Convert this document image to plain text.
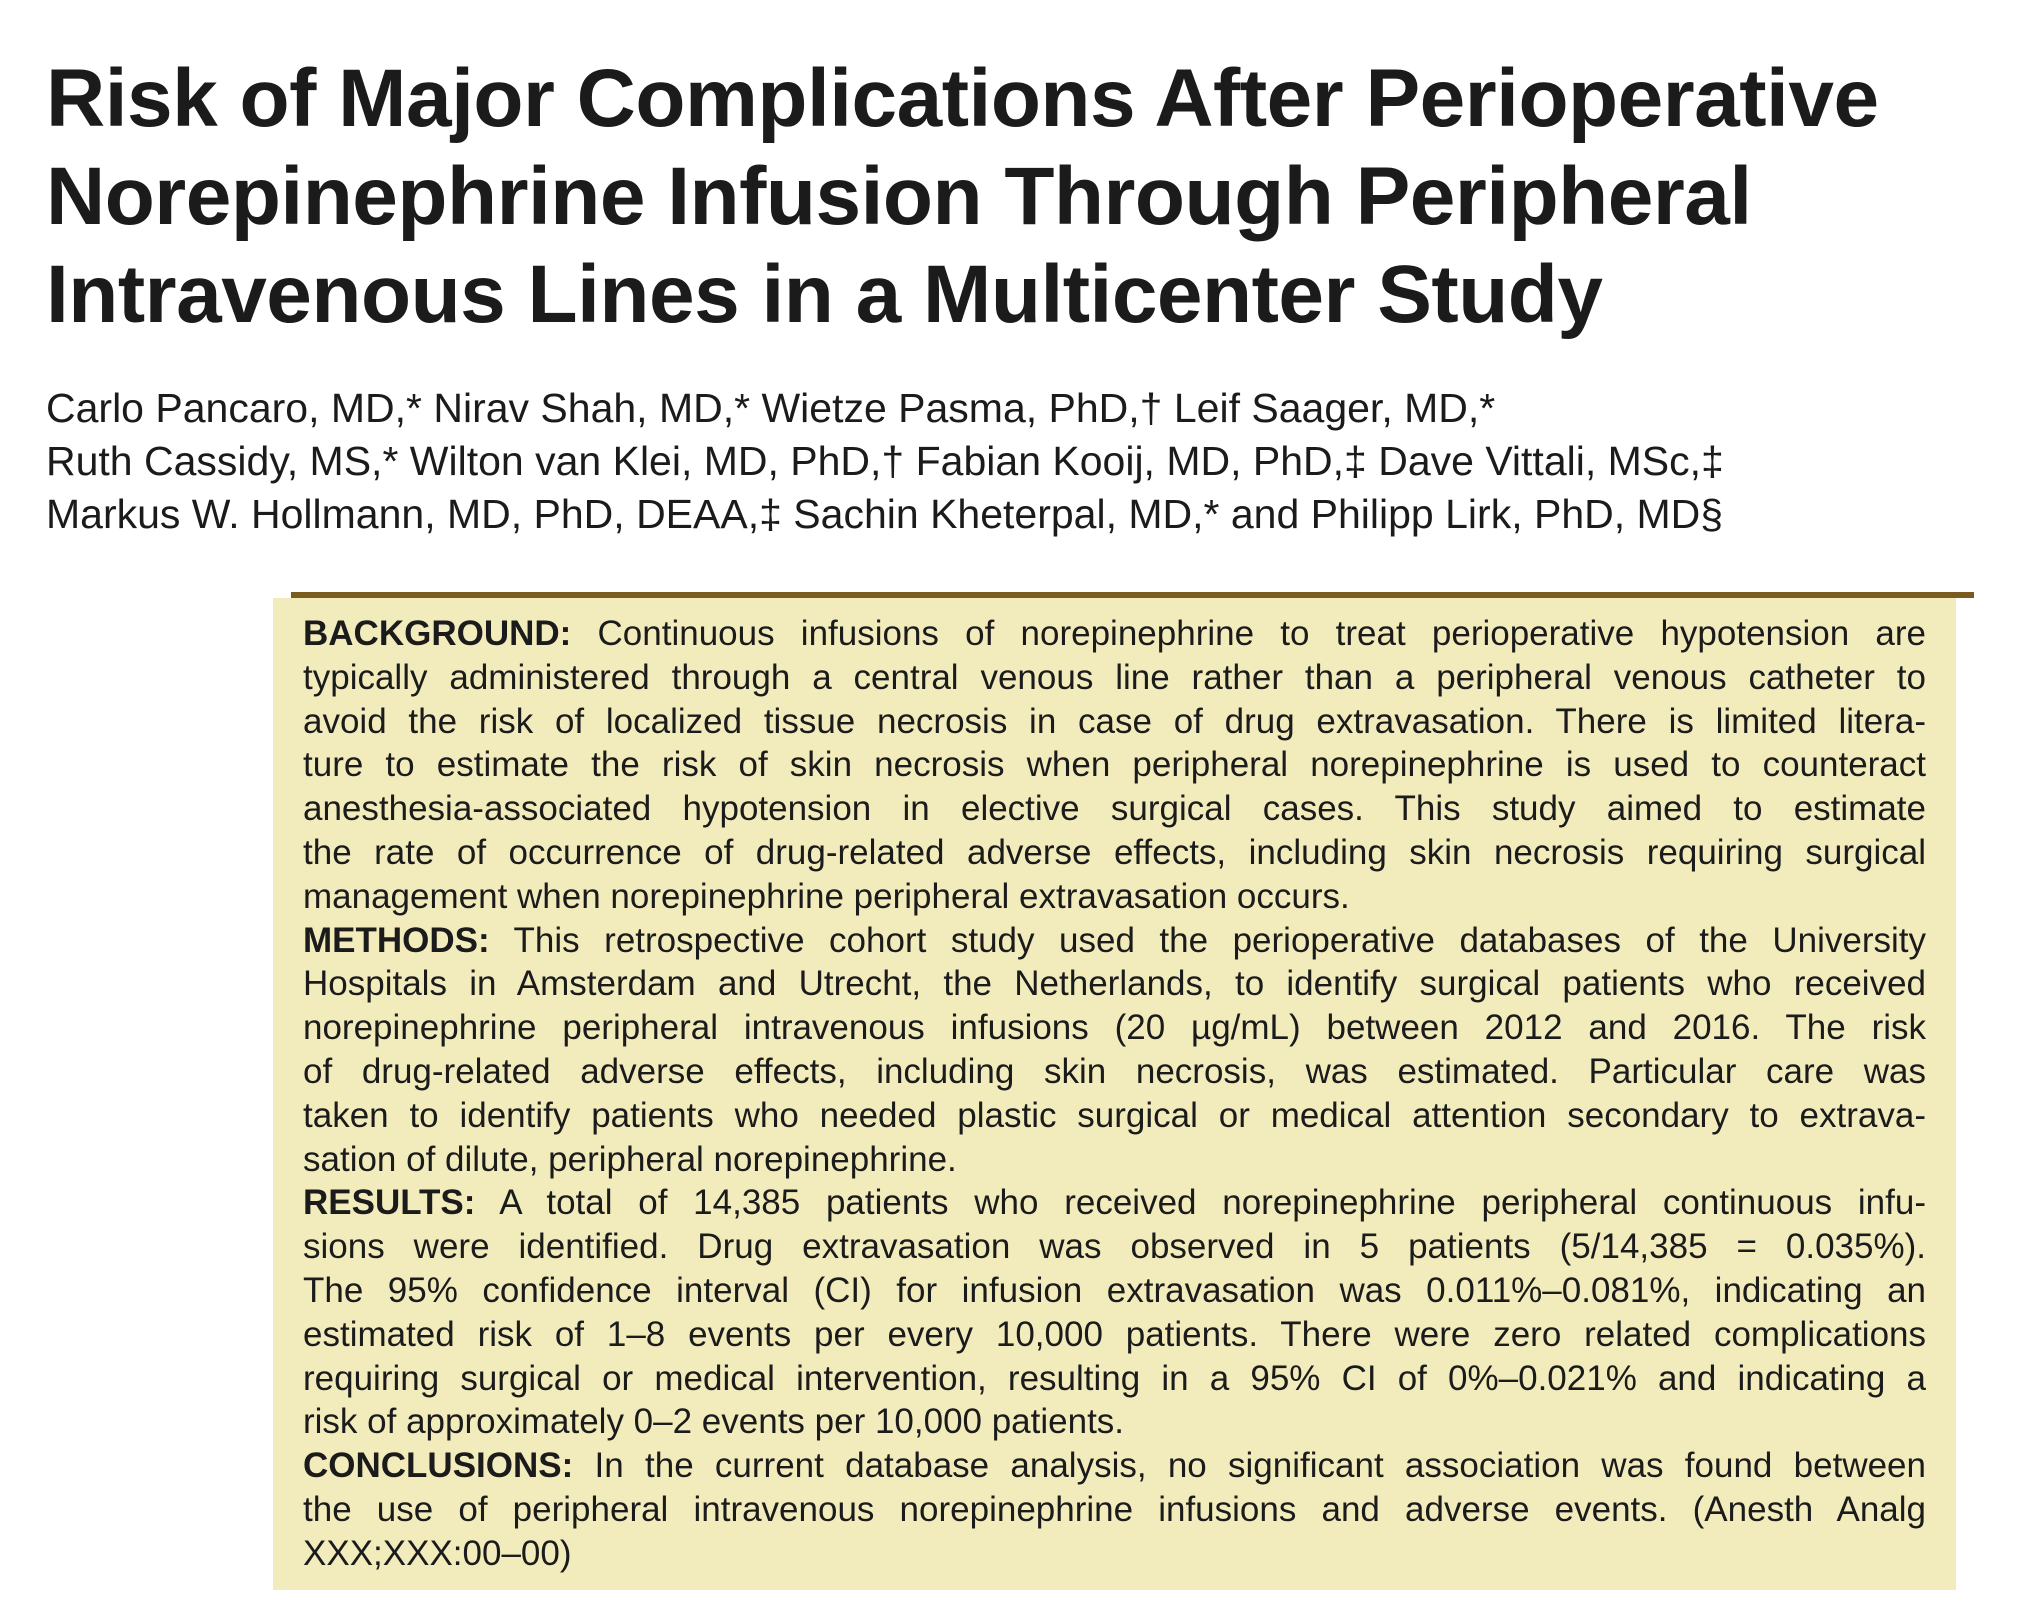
Risk of Major Complications After Perioperative
Norepinephrine Infusion Through Peripheral
Intravenous Lines in a Multicenter Study
Carlo Pancaro, MD,* Nirav Shah, MD,* Wietze Pasma, PhD,† Leif Saager, MD,*
Ruth Cassidy, MS,* Wilton van Klei, MD, PhD,† Fabian Kooij, MD, PhD,‡ Dave Vittali, MSc,‡
Markus W. Hollmann, MD, PhD, DEAA,‡ Sachin Kheterpal, MD,* and Philipp Lirk, PhD, MD§
BACKGROUND: Continuous infusions of norepinephrine to treat perioperative hypotension are
typically administered through a central venous line rather than a peripheral venous catheter to
avoid the risk of localized tissue necrosis in case of drug extravasation. There is limited litera-
ture to estimate the risk of skin necrosis when peripheral norepinephrine is used to counteract
anesthesia-associated hypotension in elective surgical cases. This study aimed to estimate
the rate of occurrence of drug-related adverse effects, including skin necrosis requiring surgical
management when norepinephrine peripheral extravasation occurs.
METHODS: This retrospective cohort study used the perioperative databases of the University
Hospitals in Amsterdam and Utrecht, the Netherlands, to identify surgical patients who received
norepinephrine peripheral intravenous infusions (20 µg/mL) between 2012 and 2016. The risk
of drug-related adverse effects, including skin necrosis, was estimated. Particular care was
taken to identify patients who needed plastic surgical or medical attention secondary to extrava-
sation of dilute, peripheral norepinephrine.
RESULTS: A total of 14,385 patients who received norepinephrine peripheral continuous infu-
sions were identified. Drug extravasation was observed in 5 patients (5/14,385 = 0.035%).
The 95% confidence interval (CI) for infusion extravasation was 0.011%–0.081%, indicating an
estimated risk of 1–8 events per every 10,000 patients. There were zero related complications
requiring surgical or medical intervention, resulting in a 95% CI of 0%–0.021% and indicating a
risk of approximately 0–2 events per 10,000 patients.
CONCLUSIONS: In the current database analysis, no significant association was found between
the use of peripheral intravenous norepinephrine infusions and adverse events. (Anesth Analg
XXX;XXX:00–00)
